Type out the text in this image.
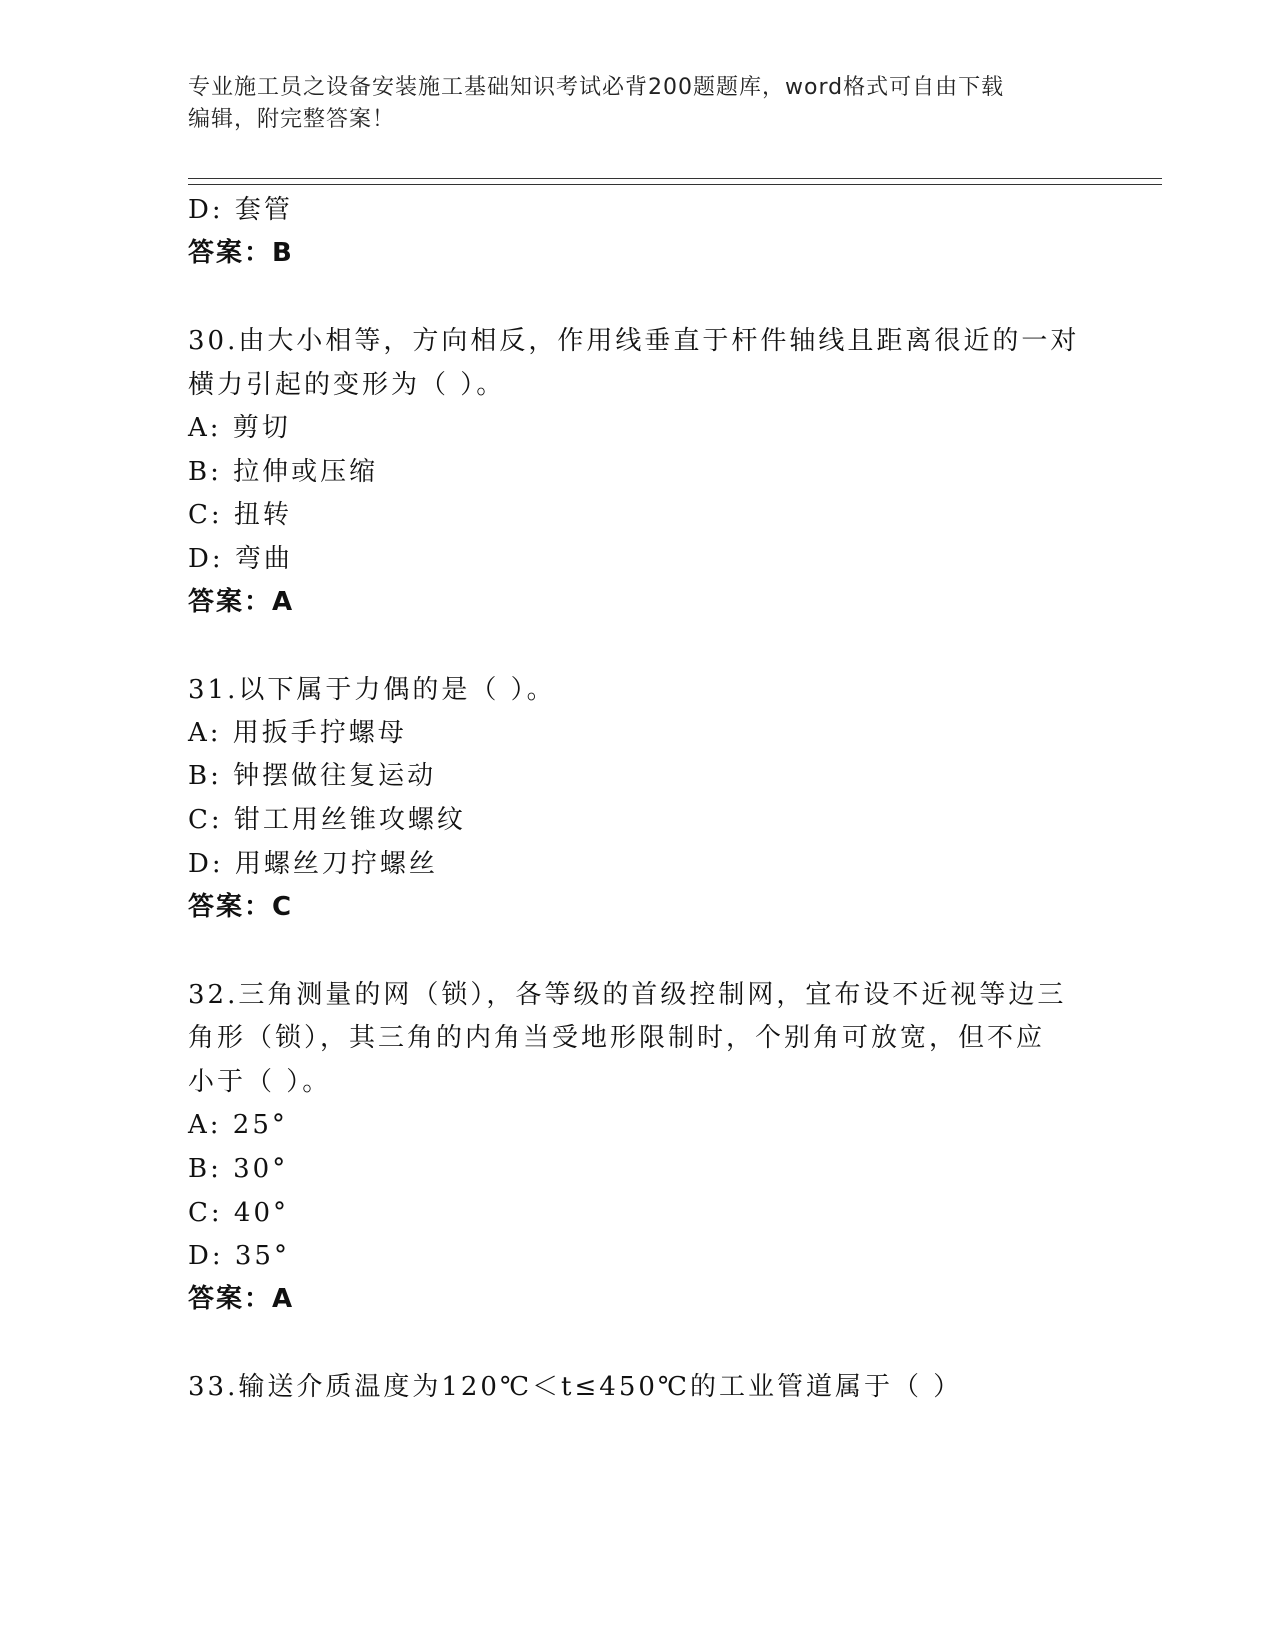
专业施工员之设备安装施工基础知识考试必背200题题库，word格式可自由下载
编辑，附完整答案！
D: 套管
答案：B
30.由大小相等，方向相反，作用线垂直于杆件轴线且距离很近的一对
横力引起的变形为（ ）。
A: 剪切
B: 拉伸或压缩
C: 扭转
D: 弯曲
答案：A
31.以下属于力偶的是（ ）。
A: 用扳手拧螺母
B: 钟摆做往复运动
C: 钳工用丝锥攻螺纹
D: 用螺丝刀拧螺丝
答案：C
32.三角测量的网（锁），各等级的首级控制网，宜布设不近视等边三
角形（锁），其三角的内角当受地形限制时，个别角可放宽，但不应
小于（ ）。
A: 25°
B: 30°
C: 40°
D: 35°
答案：A
33.输送介质温度为120℃＜t≤450℃的工业管道属于（ ）
